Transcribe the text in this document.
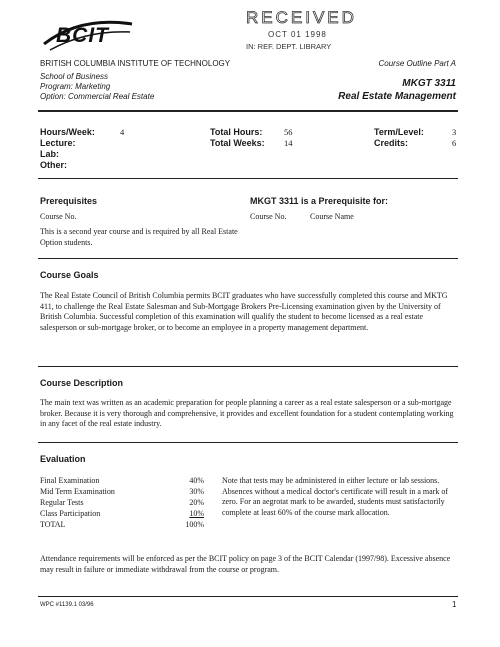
BCIT
RECEIVED
OCT 01 1998
IN: REF. DEPT. LIBRARY
BRITISH COLUMBIA INSTITUTE OF TECHNOLOGY
School of Business
Program: Marketing
Option: Commercial Real Estate
Course Outline Part A
MKGT 3311
Real Estate Management
Hours/Week:	4
Lecture:
Lab:
Other:
Total Hours:	56
Total Weeks: 14
Term/Level:	3
Credits:	6
Prerequisites	MKGT 3311 is a Prerequisite for:
Course No.	Course No.	Course Name
This is a second year course and is required by all Real Estate Option students.
Course Goals
The Real Estate Council of British Columbia permits BCIT graduates who have successfully completed this course and MKTG 411, to challenge the Real Estate Salesman and Sub-Mortgage Brokers Pre-Licensing examination given by the University of British Columbia. Successful completion of this examination will qualify the student to become licensed as a real estate salesperson or sub-mortgage broker, or to become an employee in a property management department.
Course Description
The main text was written as an academic preparation for people planning a career as a real estate salesperson or a sub-mortgage broker. Because it is very thorough and comprehensive, it provides and excellent foundation for a student contemplating working in any facet of the real estate industry.
Evaluation
Final Examination	40%
Mid Term Examination	30%
Regular Tests	20%
Class Participation	10%
TOTAL	100%
Note that tests may be administered in either lecture or lab sessions. Absences without a medical doctor's certificate will result in a mark of zero. For an aegrotat mark to be awarded, students must satisfactorily complete at least 60% of the course mark allocation.
Attendance requirements will be enforced as per the BCIT policy on page 3 of the BCIT Calendar (1997/98). Excessive absence may result in failure or immediate withdrawal from the course or program.
WPC #1139.1 03/96	1
